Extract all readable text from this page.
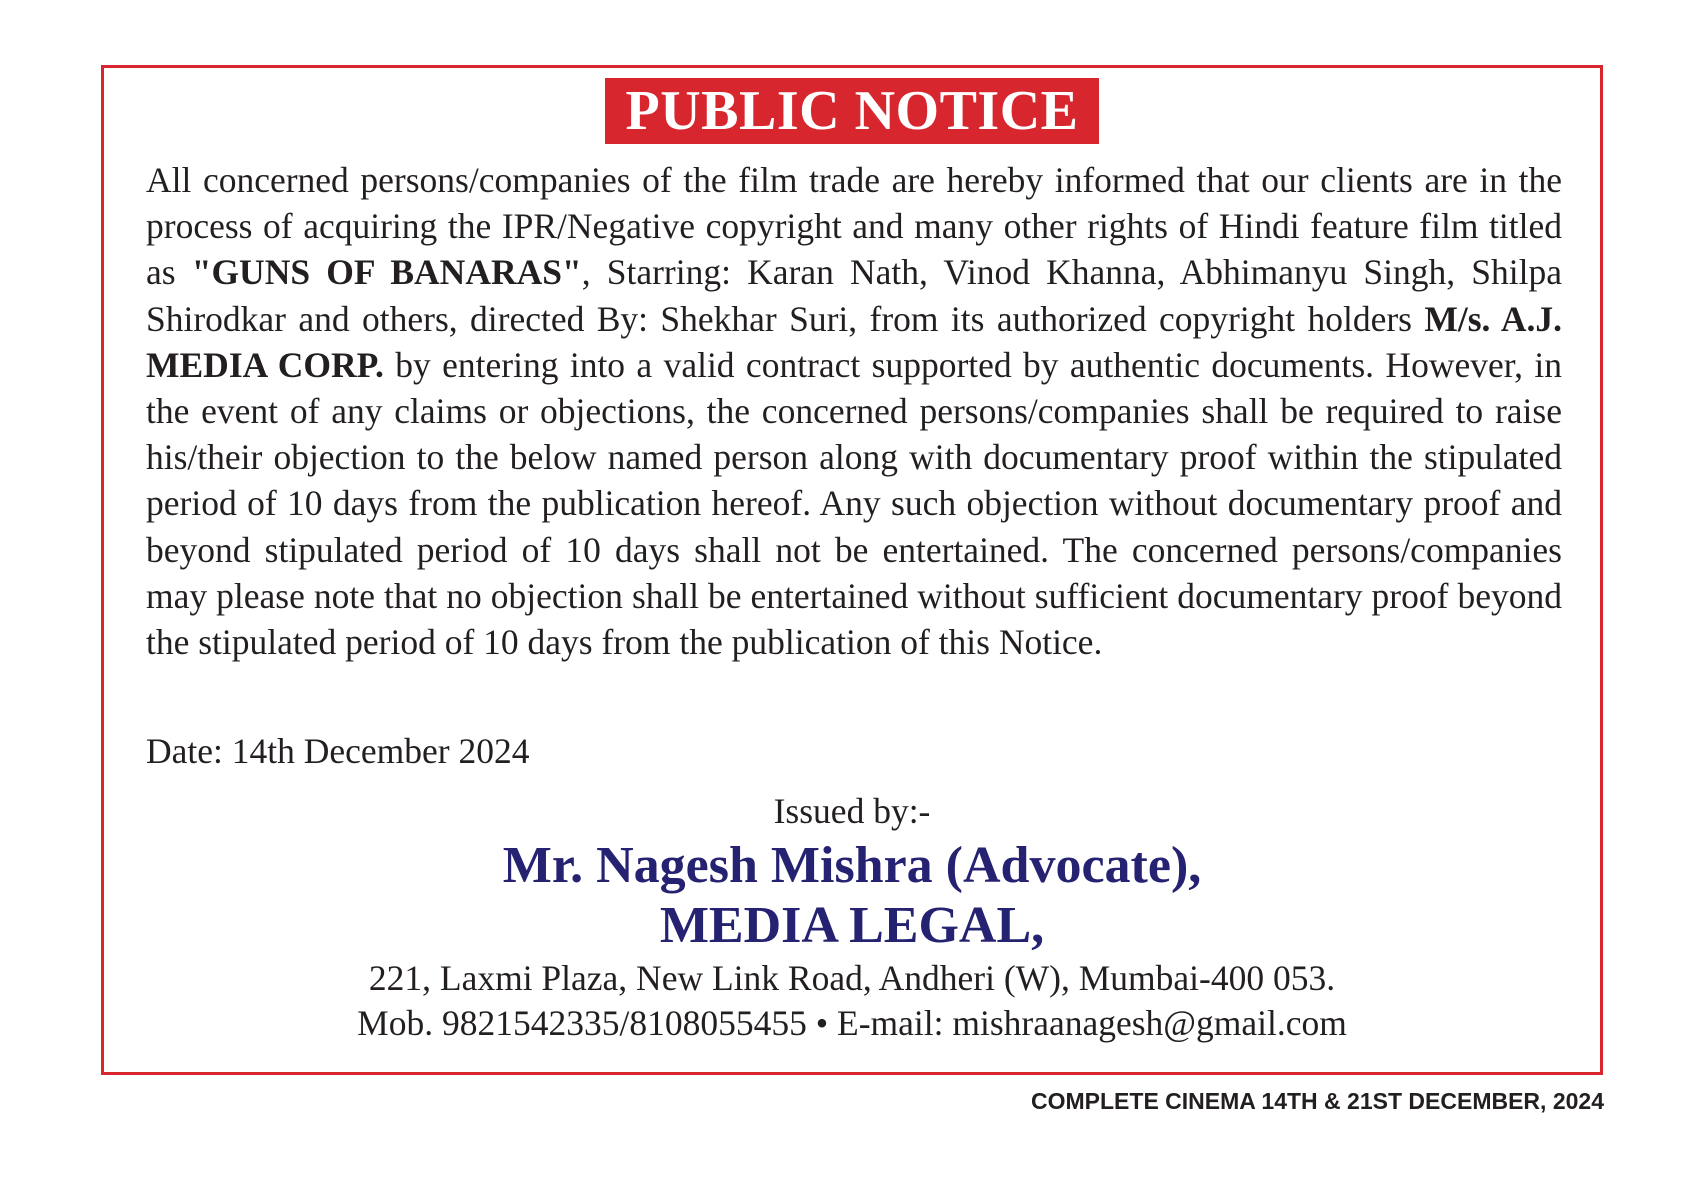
PUBLIC NOTICE

All concerned persons/companies of the film trade are hereby informed that our clients are in the process of acquiring the IPR/Negative copyright and many other rights of Hindi feature film titled as "GUNS OF BANARAS", Starring: Karan Nath, Vinod Khanna, Abhimanyu Singh, Shilpa Shirodkar and others, directed By: Shekhar Suri, from its authorized copyright holders M/s. A.J. MEDIA CORP. by entering into a valid contract supported by authentic documents. However, in the event of any claims or objections, the concerned persons/companies shall be required to raise his/their objection to the below named person along with documentary proof within the stipulated period of 10 days from the publication hereof. Any such objection without documentary proof and beyond stipulated period of 10 days shall not be entertained. The concerned persons/companies may please note that no objection shall be entertained without sufficient documentary proof beyond the stipulated period of 10 days from the publication of this Notice.

Date: 14th December 2024

Issued by:-
Mr. Nagesh Mishra (Advocate),
MEDIA LEGAL,
221, Laxmi Plaza, New Link Road, Andheri (W), Mumbai-400 053.
Mob. 9821542335/8108055455 • E-mail: mishraanagesh@gmail.com
COMPLETE CINEMA 14TH & 21ST DECEMBER, 2024
